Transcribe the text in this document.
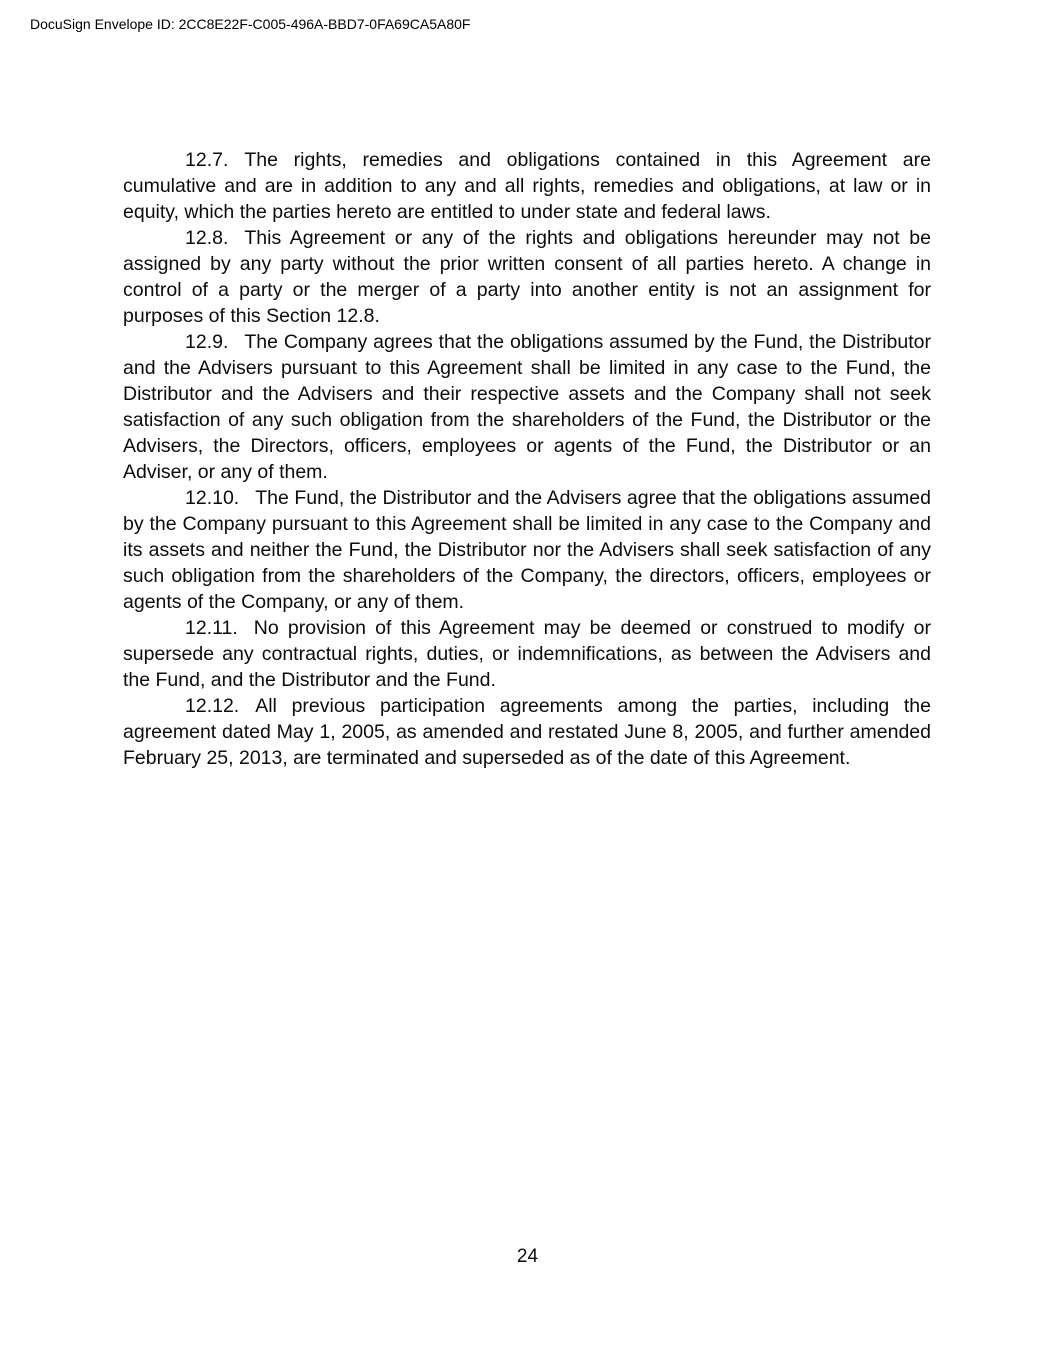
DocuSign Envelope ID: 2CC8E22F-C005-496A-BBD7-0FA69CA5A80F

12.7. The rights, remedies and obligations contained in this Agreement are cumulative and are in addition to any and all rights, remedies and obligations, at law or in equity, which the parties hereto are entitled to under state and federal laws.

12.8. This Agreement or any of the rights and obligations hereunder may not be assigned by any party without the prior written consent of all parties hereto. A change in control of a party or the merger of a party into another entity is not an assignment for purposes of this Section 12.8.

12.9. The Company agrees that the obligations assumed by the Fund, the Distributor and the Advisers pursuant to this Agreement shall be limited in any case to the Fund, the Distributor and the Advisers and their respective assets and the Company shall not seek satisfaction of any such obligation from the shareholders of the Fund, the Distributor or the Advisers, the Directors, officers, employees or agents of the Fund, the Distributor or an Adviser, or any of them.

12.10. The Fund, the Distributor and the Advisers agree that the obligations assumed by the Company pursuant to this Agreement shall be limited in any case to the Company and its assets and neither the Fund, the Distributor nor the Advisers shall seek satisfaction of any such obligation from the shareholders of the Company, the directors, officers, employees or agents of the Company, or any of them.

12.11. No provision of this Agreement may be deemed or construed to modify or supersede any contractual rights, duties, or indemnifications, as between the Advisers and the Fund, and the Distributor and the Fund.

12.12. All previous participation agreements among the parties, including the agreement dated May 1, 2005, as amended and restated June 8, 2005, and further amended February 25, 2013, are terminated and superseded as of the date of this Agreement.

24
